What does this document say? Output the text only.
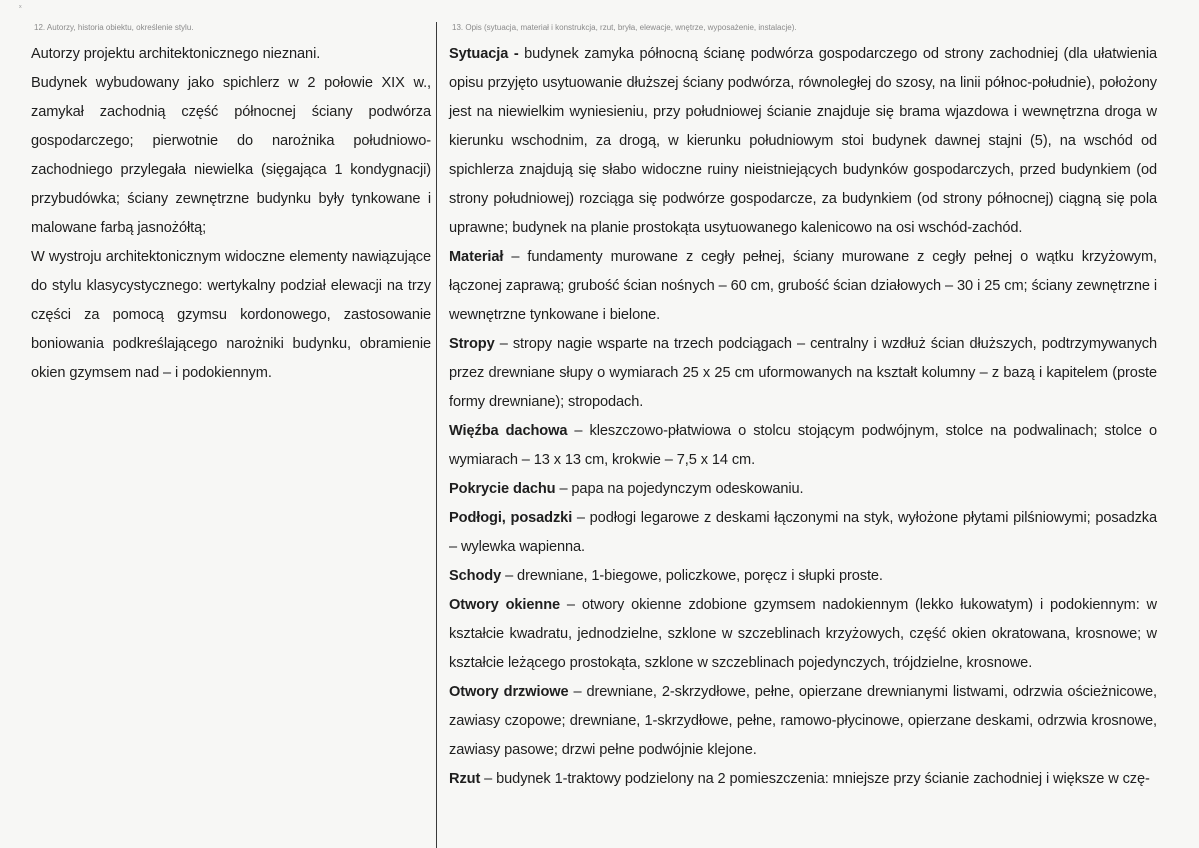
ˣ
12. Autorzy, historia obiektu, określenie stylu.	13. Opis (sytuacja, materiał i konstrukcja, rzut, bryła, elewacje, wnętrze, wyposażenie, instalacje).

Autorzy projektu architektonicznego nieznani.

Budynek wybudowany jako spichlerz w 2 połowie XIX w., zamykał zachodnią część północnej ściany podwórza gospodarczego; pierwotnie do narożnika południowo-zachodniego przylegała niewielka (sięgająca 1 kondygnacji) przybudówka; ściany zewnętrzne budynku były tynkowane i malowane farbą jasnożółtą;

W wystroju architektonicznym widoczne elementy nawiązujące do stylu klasycystycznego: wertykalny podział elewacji na trzy części za pomocą gzymsu kordonowego, zastosowanie boniowania podkreślającego narożniki budynku, obramienie okien gzymsem nad – i podokiennym.

Sytuacja - budynek zamyka północną ścianę podwórza gospodarczego od strony zachodniej (dla ułatwienia opisu przyjęto usytuowanie dłuższej ściany podwórza, równoległej do szosy, na linii północ-południe), położony jest na niewielkim wyniesieniu, przy południowej ścianie znajduje się brama wjazdowa i wewnętrzna droga w kierunku wschodnim, za drogą, w kierunku południowym stoi budynek dawnej stajni (5), na wschód od spichlerza znajdują się słabo widoczne ruiny nieistniejących budynków gospodarczych, przed budynkiem (od strony południowej) rozciąga się podwórze gospodarcze, za budynkiem (od strony północnej) ciągną się pola uprawne; budynek na planie prostokąta usytuowanego kalenicowo na osi wschód-zachód.

Materiał – fundamenty murowane z cegły pełnej, ściany murowane z cegły pełnej o wątku krzyżowym, łączonej zaprawą; grubość ścian nośnych – 60 cm, grubość ścian działowych – 30 i 25 cm; ściany zewnętrzne i wewnętrzne tynkowane i bielone.

Stropy – stropy nagie wsparte na trzech podciągach – centralny i wzdłuż ścian dłuższych, podtrzymywanych przez drewniane słupy o wymiarach 25 x 25 cm uformowanych na kształt kolumny – z bazą i kapitelem (proste formy drewniane); stropodach.

Więźba dachowa – kleszczowo-płatwiowa o stolcu stojącym podwójnym, stolce na podwalinach; stolce o wymiarach – 13 x 13 cm, krokwie – 7,5 x 14 cm.

Pokrycie dachu – papa na pojedynczym odeskowaniu.

Podłogi, posadzki – podłogi legarowe z deskami łączonymi na styk, wyłożone płytami pilśniowymi; posadzka – wylewka wapienna.

Schody – drewniane, 1-biegowe, policzkowe, poręcz i słupki proste.

Otwory okienne – otwory okienne zdobione gzymsem nadokiennym (lekko łukowatym) i podokiennym: w kształcie kwadratu, jednodzielne, szklone w szczeblinach krzyżowych, część okien okratowana, krosnowe; w kształcie leżącego prostokąta, szklone w szczeblinach pojedynczych, trójdzielne, krosnowe.

Otwory drzwiowe – drewniane, 2-skrzydłowe, pełne, opierzane drewnianymi listwami, odrzwia ościeżnicowe, zawiasy czopowe; drewniane, 1-skrzydłowe, pełne, ramowo-płycinowe, opierzane deskami, odrzwia krosnowe, zawiasy pasowe; drzwi pełne podwójnie klejone.

Rzut – budynek 1-traktowy podzielony na 2 pomieszczenia: mniejsze przy ścianie zachodniej i większe w czę-
